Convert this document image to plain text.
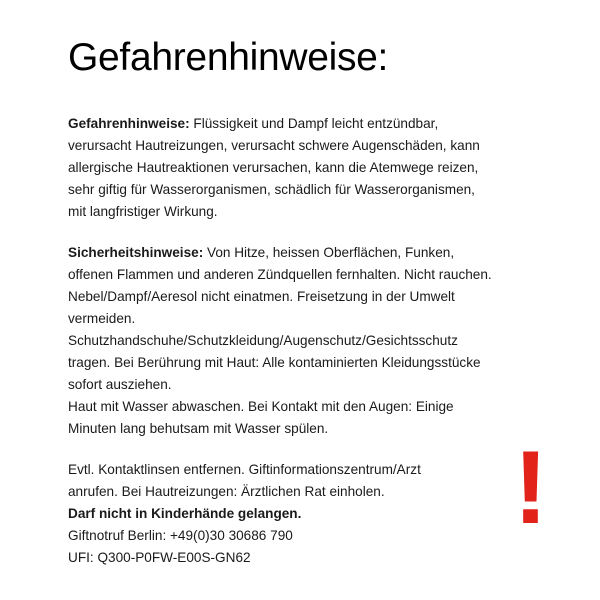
Gefahrenhinweise:

Gefahrenhinweise: Flüssigkeit und Dampf leicht entzündbar, verursacht Hautreizungen, verursacht schwere Augenschäden, kann allergische Hautreaktionen verursachen, kann die Atemwege reizen, sehr giftig für Wasserorganismen, schädlich für Wasserorganismen, mit langfristiger Wirkung.

Sicherheitshinweise: Von Hitze, heissen Oberflächen, Funken, offenen Flammen und anderen Zündquellen fernhalten. Nicht rauchen. Nebel/Dampf/Aeresol nicht einatmen. Freisetzung in der Umwelt vermeiden. Schutzhandschuhe/Schutzkleidung/Augenschutz/Gesichtsschutz tragen. Bei Berührung mit Haut: Alle kontaminierten Kleidungsstücke sofort ausziehen.
Haut mit Wasser abwaschen. Bei Kontakt mit den Augen: Einige Minuten lang behutsam mit Wasser spülen.

Evtl. Kontaktlinsen entfernen. Giftinformationszentrum/Arzt anrufen. Bei Hautreizungen: Ärztlichen Rat einholen.
Darf nicht in Kinderhände gelangen.
Giftnotruf Berlin: +49(0)30 30686 790
UFI: Q300-P0FW-E00S-GN62
!
